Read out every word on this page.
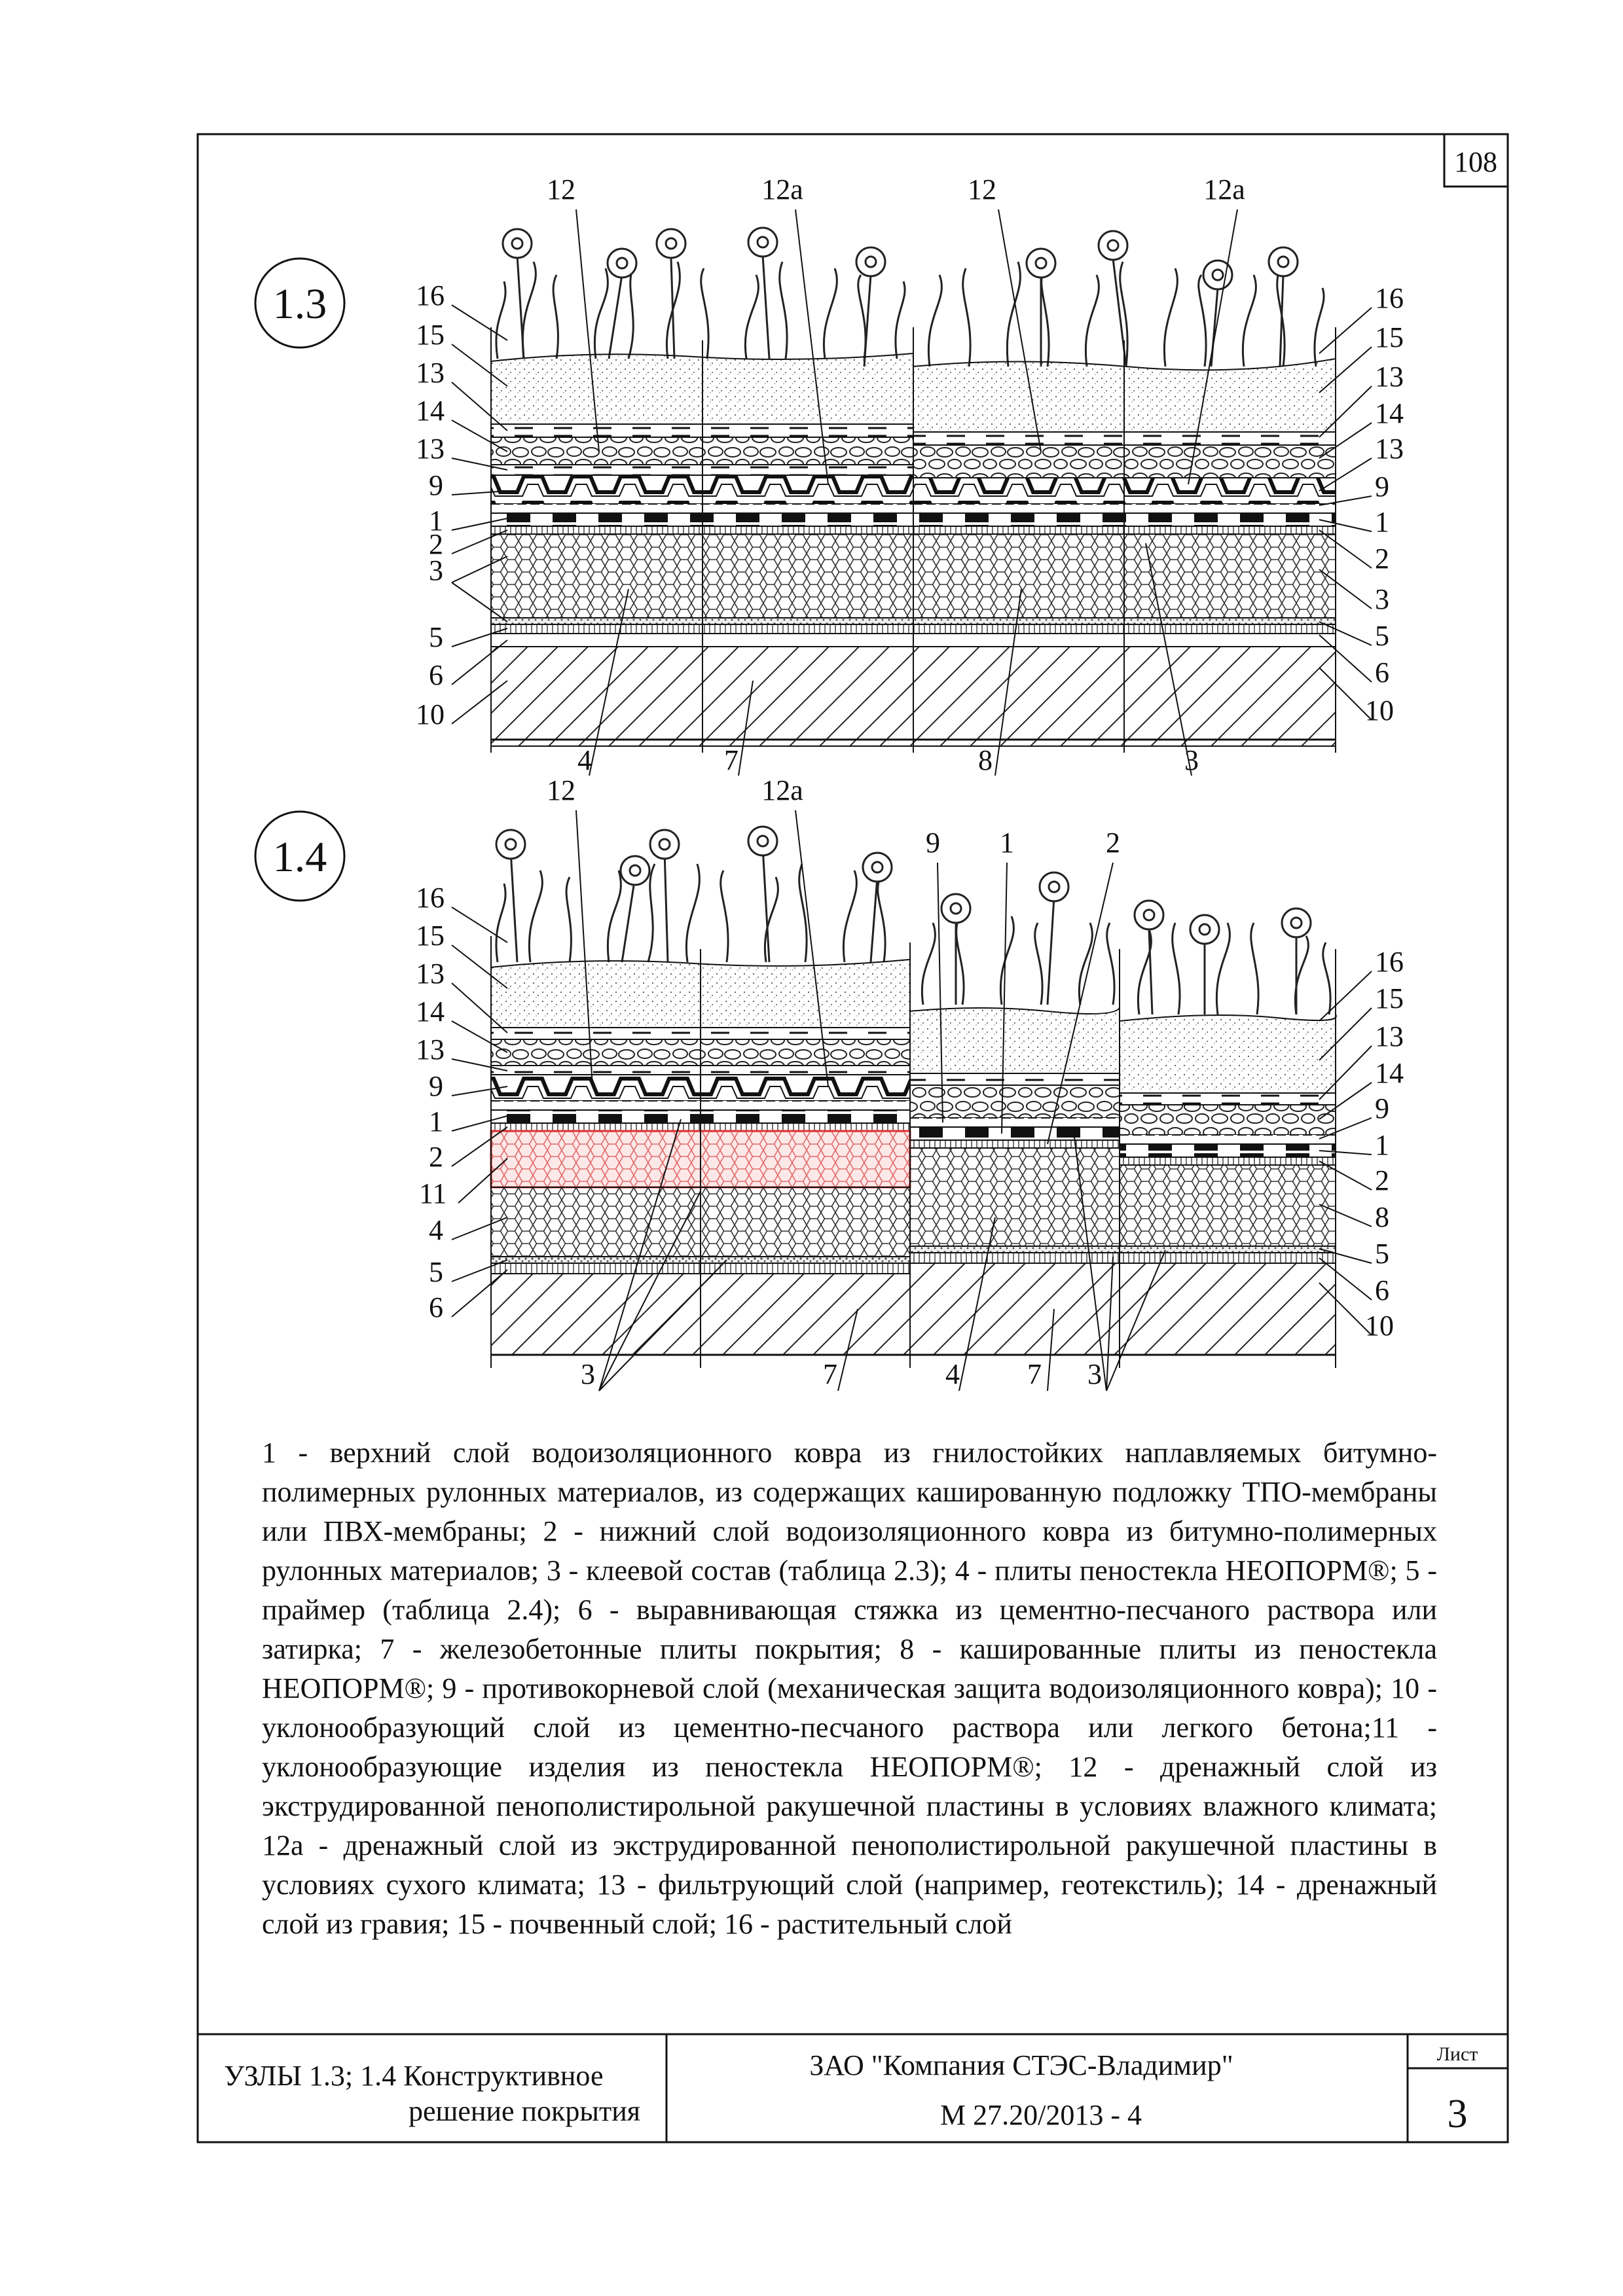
108
1.3
12	12а	12	12а
16
15
13
14
13
9
1
2
3
5
6
10
16
15
13
14
13
9
1
2
3
5
6
10
4	7	8	3
1.4
12	12а
9 1	2
16
15
13
14
13
9
1
2
11
4
5
6
16
15
13
14
9
1
2
8
5
6
10
3	7	4 7 3
УЗЛЫ 1.3; 1.4 Конструктивное
решение покрытия
ЗАО "Компания СТЭС-Владимир"
М 27.20/2013 - 4
Лист
3
1 - верхний слой водоизоляционного ковра из гнилостойких наплавляемых битумно-полимерных рулонных материалов, из содержащих кашированную подложку ТПО-мембраны или ПВХ-мембраны; 2 - нижний слой водоизоляционного ковра из битумно-полимерных рулонных материалов; 3 - клеевой состав (таблица 2.3); 4 - плиты пеностекла НЕОПОРМ®; 5 - праймер (таблица 2.4); 6 - выравнивающая стяжка из цементно-песчаного раствора или затирка; 7 - железобетонные плиты покрытия; 8 - кашированные плиты из пеностекла НЕОПОРМ®; 9 - противокорневой слой (механическая защита водоизоляционного ковра); 10 - уклонообразующий слой из цементно-песчаного раствора или легкого бетона;11 - уклонообразующие изделия из пеностекла НЕОПОРМ®; 12 - дренажный слой из экструдированной пенополистирольной ракушечной пластины в условиях влажного климата; 12а - дренажный слой из экструдированной пенополистирольной ракушечной пластины в условиях сухого климата; 13 - фильтрующий слой (например, геотекстиль); 14 - дренажный слой из гравия; 15 - почвенный слой; 16 - растительный слой
